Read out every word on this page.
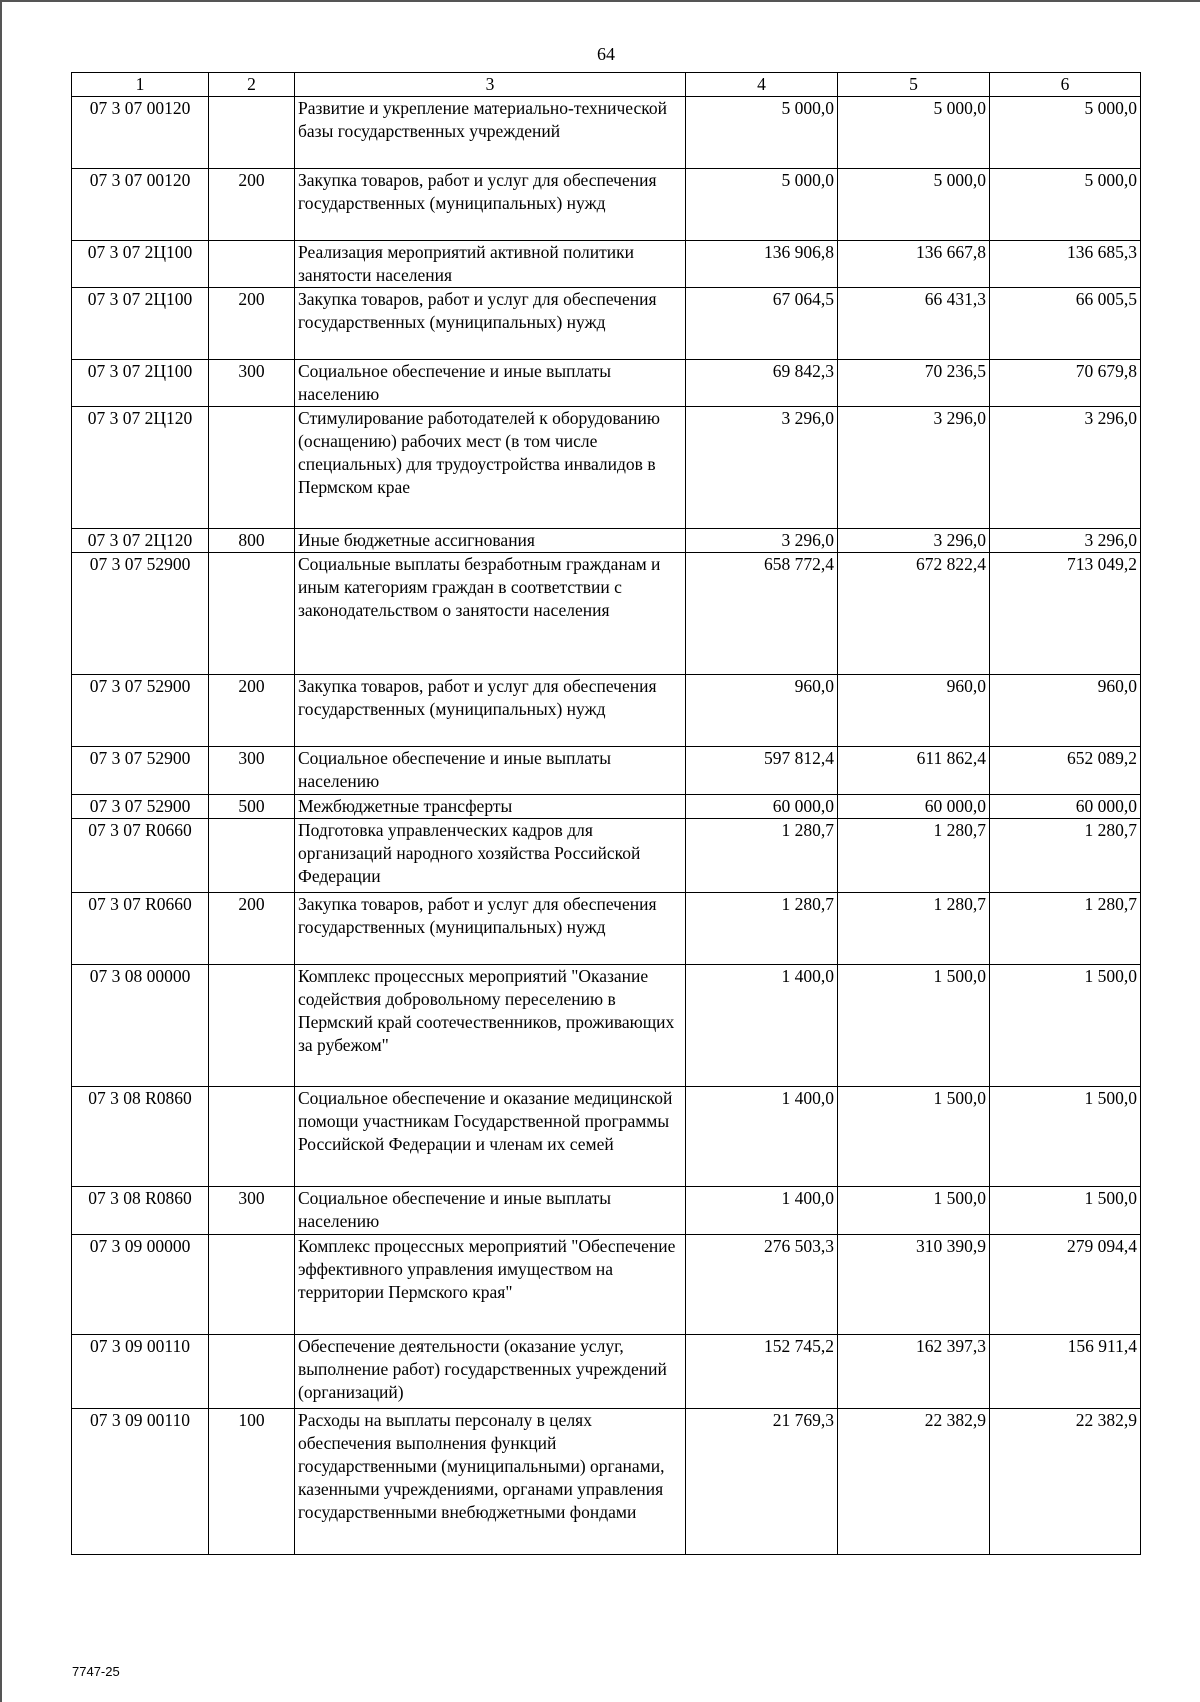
64
1	2	3	4	5	6
07 3 07 00120		Развитие и укрепление материально-технической базы государственных учреждений	5 000,0	5 000,0	5 000,0
07 3 07 00120	200	Закупка товаров, работ и услуг для обеспечения государственных (муниципальных) нужд	5 000,0	5 000,0	5 000,0
07 3 07 2Ц100		Реализация мероприятий активной политики занятости населения	136 906,8	136 667,8	136 685,3
07 3 07 2Ц100	200	Закупка товаров, работ и услуг для обеспечения государственных (муниципальных) нужд	67 064,5	66 431,3	66 005,5
07 3 07 2Ц100	300	Социальное обеспечение и иные выплаты населению	69 842,3	70 236,5	70 679,8
07 3 07 2Ц120		Стимулирование работодателей к оборудованию (оснащению) рабочих мест (в том числе специальных) для трудоустройства инвалидов в Пермском крае	3 296,0	3 296,0	3 296,0
07 3 07 2Ц120	800	Иные бюджетные ассигнования	3 296,0	3 296,0	3 296,0
07 3 07 52900		Социальные выплаты безработным гражданам и иным категориям граждан в соответствии с законодательством о занятости населения	658 772,4	672 822,4	713 049,2
07 3 07 52900	200	Закупка товаров, работ и услуг для обеспечения государственных (муниципальных) нужд	960,0	960,0	960,0
07 3 07 52900	300	Социальное обеспечение и иные выплаты населению	597 812,4	611 862,4	652 089,2
07 3 07 52900	500	Межбюджетные трансферты	60 000,0	60 000,0	60 000,0
07 3 07 R0660		Подготовка управленческих кадров для организаций народного хозяйства Российской Федерации	1 280,7	1 280,7	1 280,7
07 3 07 R0660	200	Закупка товаров, работ и услуг для обеспечения государственных (муниципальных) нужд	1 280,7	1 280,7	1 280,7
07 3 08 00000		Комплекс процессных мероприятий "Оказание содействия добровольному переселению в Пермский край соотечественников, проживающих за рубежом"	1 400,0	1 500,0	1 500,0
07 3 08 R0860		Социальное обеспечение и оказание медицинской помощи участникам Государственной программы Российской Федерации и членам их семей	1 400,0	1 500,0	1 500,0
07 3 08 R0860	300	Социальное обеспечение и иные выплаты населению	1 400,0	1 500,0	1 500,0
07 3 09 00000		Комплекс процессных мероприятий "Обеспечение эффективного управления имуществом на территории Пермского края"	276 503,3	310 390,9	279 094,4
07 3 09 00110		Обеспечение деятельности (оказание услуг, выполнение работ) государственных учреждений (организаций)	152 745,2	162 397,3	156 911,4
07 3 09 00110	100	Расходы на выплаты персоналу в целях обеспечения выполнения функций государственными (муниципальными) органами, казенными учреждениями, органами управления государственными внебюджетными фондами	21 769,3	22 382,9	22 382,9
7747-25
